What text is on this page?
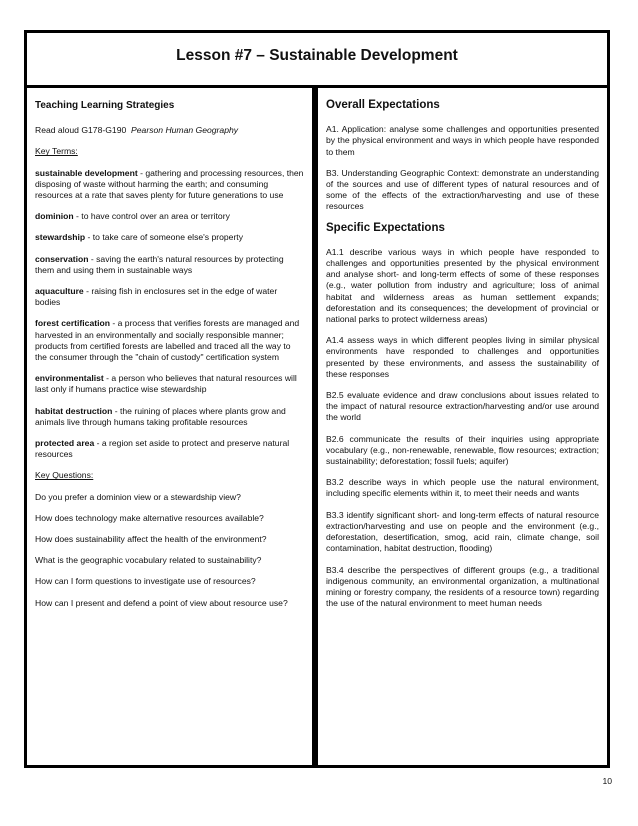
Lesson #7 – Sustainable Development
Teaching Learning Strategies

Read aloud G178-G190 Pearson Human Geography

Key Terms:

sustainable development - gathering and processing resources, then disposing of waste without harming the earth; and consuming resources at a rate that saves plenty for future generations to use

dominion - to have control over an area or territory

stewardship - to take care of someone else's property

conservation - saving the earth's natural resources by protecting them and using them in sustainable ways

aquaculture - raising fish in enclosures set in the edge of water bodies

forest certification - a process that verifies forests are managed and harvested in an environmentally and socially responsible manner; products from certified forests are labelled and traced all the way to the consumer through the "chain of custody" certification system

environmentalist - a person who believes that natural resources will last only if humans practice wise stewardship

habitat destruction - the ruining of places where plants grow and animals live through humans taking profitable resources

protected area - a region set aside to protect and preserve natural resources

Key Questions:

Do you prefer a dominion view or a stewardship view?

How does technology make alternative resources available?

How does sustainability affect the health of the environment?

What is the geographic vocabulary related to sustainability?

How can I form questions to investigate use of resources?

How can I present and defend a point of view about resource use?

Overall Expectations

A1. Application: analyse some challenges and opportunities presented by the physical environment and ways in which people have responded to them

B3. Understanding Geographic Context: demonstrate an understanding of the sources and use of different types of natural resources and of some of the effects of the extraction/harvesting and use of these resources

Specific Expectations

A1.1 describe various ways in which people have responded to challenges and opportunities presented by the physical environment and analyse short- and long-term effects of some of these responses (e.g., water pollution from industry and agriculture; loss of animal habitat and wilderness areas as human settlement expands; deforestation and its consequences; the development of provincial or national parks to protect wilderness areas)

A1.4 assess ways in which different peoples living in similar physical environments have responded to challenges and opportunities presented by these environments, and assess the sustainability of these responses

B2.5 evaluate evidence and draw conclusions about issues related to the impact of natural resource extraction/harvesting and/or use around the world

B2.6 communicate the results of their inquiries using appropriate vocabulary (e.g., non-renewable, renewable, flow resources; extraction; sustainability; deforestation; fossil fuels; aquifer)

B3.2 describe ways in which people use the natural environment, including specific elements within it, to meet their needs and wants

B3.3 identify significant short- and long-term effects of natural resource extraction/harvesting and use on people and the environment (e.g., deforestation, desertification, smog, acid rain, climate change, soil contamination, habitat destruction, flooding)

B3.4 describe the perspectives of different groups (e.g., a traditional indigenous community, an environmental organization, a multinational mining or forestry company, the residents of a resource town) regarding the use of the natural environment to meet human needs

10
